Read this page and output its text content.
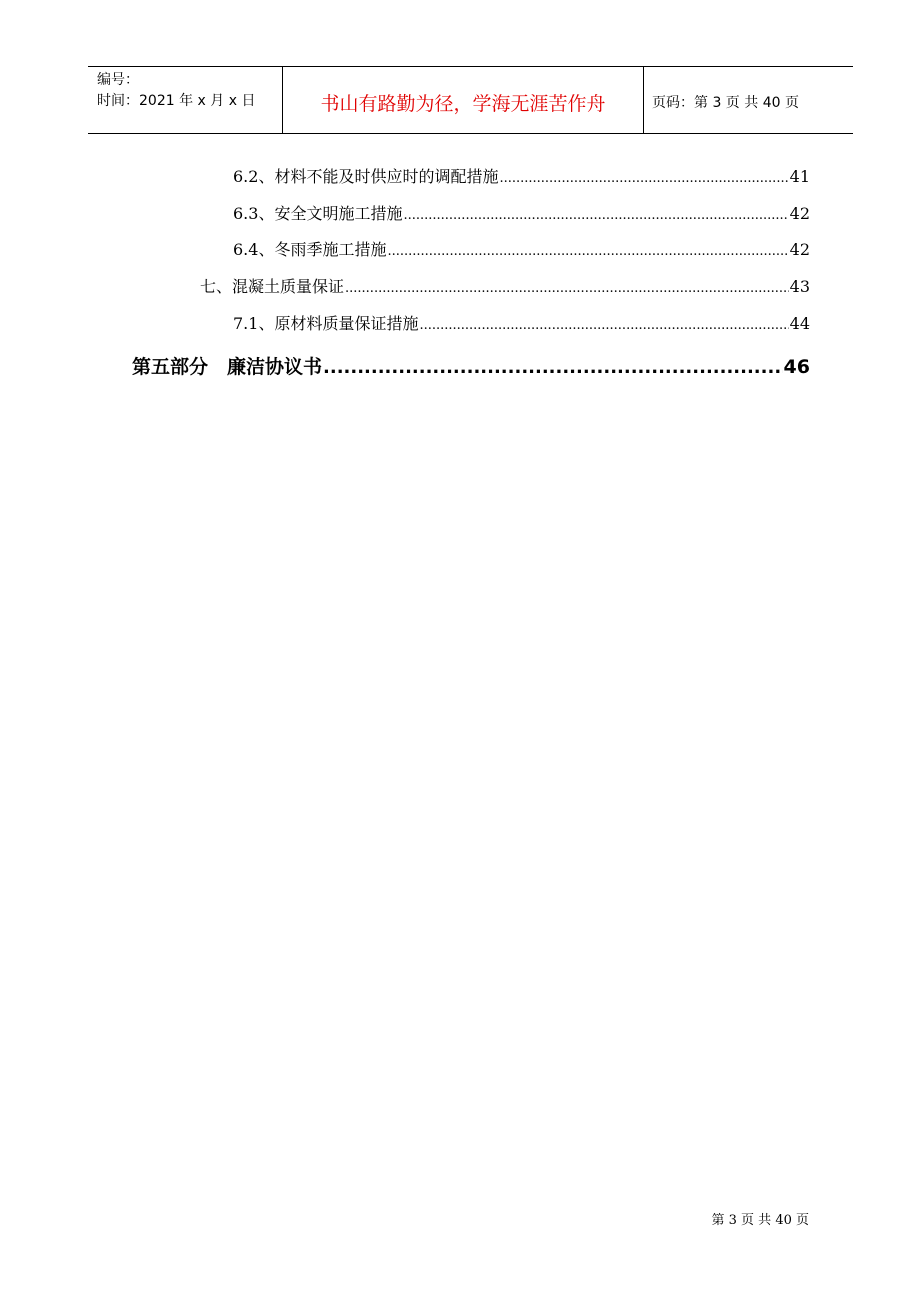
编号：
时间：2021 年 x 月 x 日	书山有路勤为径，学海无涯苦作舟	页码：第 3 页 共 40 页
6.2、材料不能及时供应时的调配措施 .....	41
6.3、安全文明施工措施 .....	42
6.4、冬雨季施工措施 .....	42
七、混凝土质量保证 .....	43
7.1、原材料质量保证措施 .....	44
第五部分　廉洁协议书 .....	46
第 3 页 共 40 页
